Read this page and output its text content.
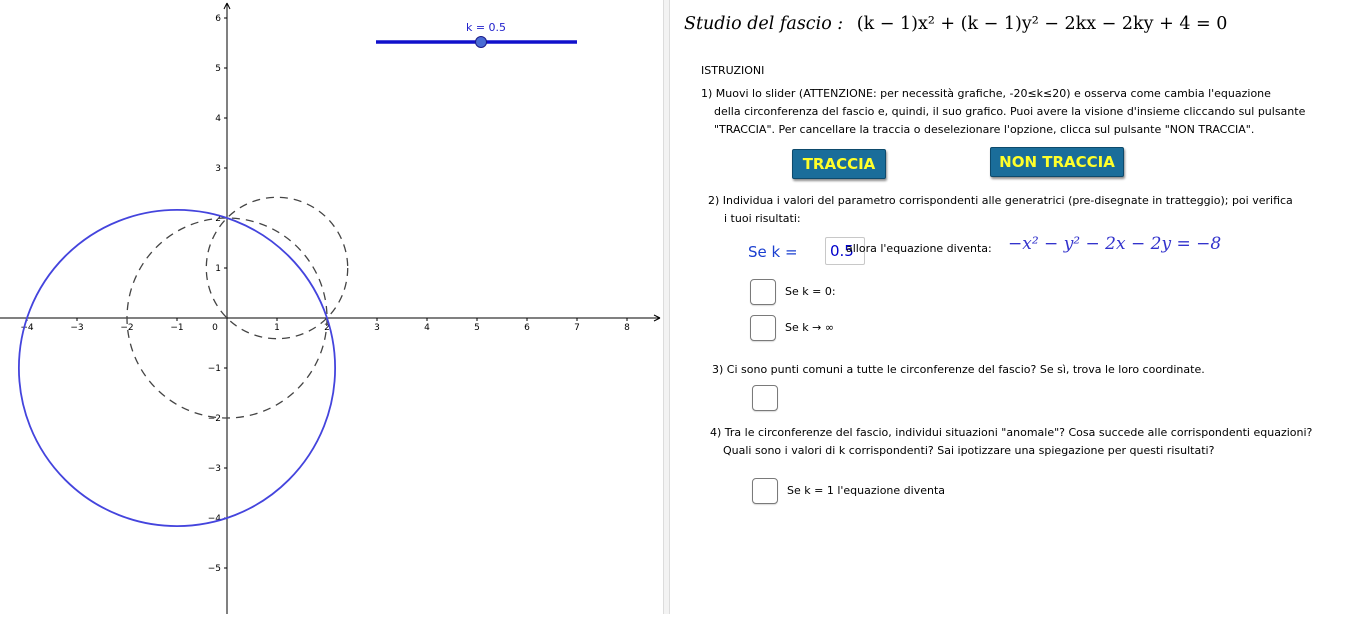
−4	−3	−2	−1	0	1	2	3	4	5	6	7	8
6
5
4
3
2
1
−1
−2
−3
−4
−5
k = 0.5	Studio del fascio : (k − 1)x² + (k − 1)y² − 2kx − 2ky + 4 = 0
ISTRUZIONI
1) Muovi lo slider (ATTENZIONE: per necessità grafiche, -20≤k≤20) e osserva come cambia l'equazione
della circonferenza del fascio e, quindi, il suo grafico. Puoi avere la visione d'insieme cliccando sul pulsante
"TRACCIA". Per cancellare la traccia o deselezionare l'opzione, clicca sul pulsante "NON TRACCIA".
TRACCIA	NON TRACCIA
2) Individua i valori del parametro corrispondenti alle generatrici (pre-disegnate in tratteggio); poi verifica
i tuoi risultati:
Se k =
0.5	allora l'equazione diventa: −x² − y² − 2x − 2y = −8
Se k = 0:
Se k → ∞
3) Ci sono punti comuni a tutte le circonferenze del fascio? Se sì, trova le loro coordinate.
4) Tra le circonferenze del fascio, individui situazioni "anomale"? Cosa succede alle corrispondenti equazioni?
Quali sono i valori di k corrispondenti? Sai ipotizzare una spiegazione per questi risultati?
Se k = 1 l'equazione diventa
